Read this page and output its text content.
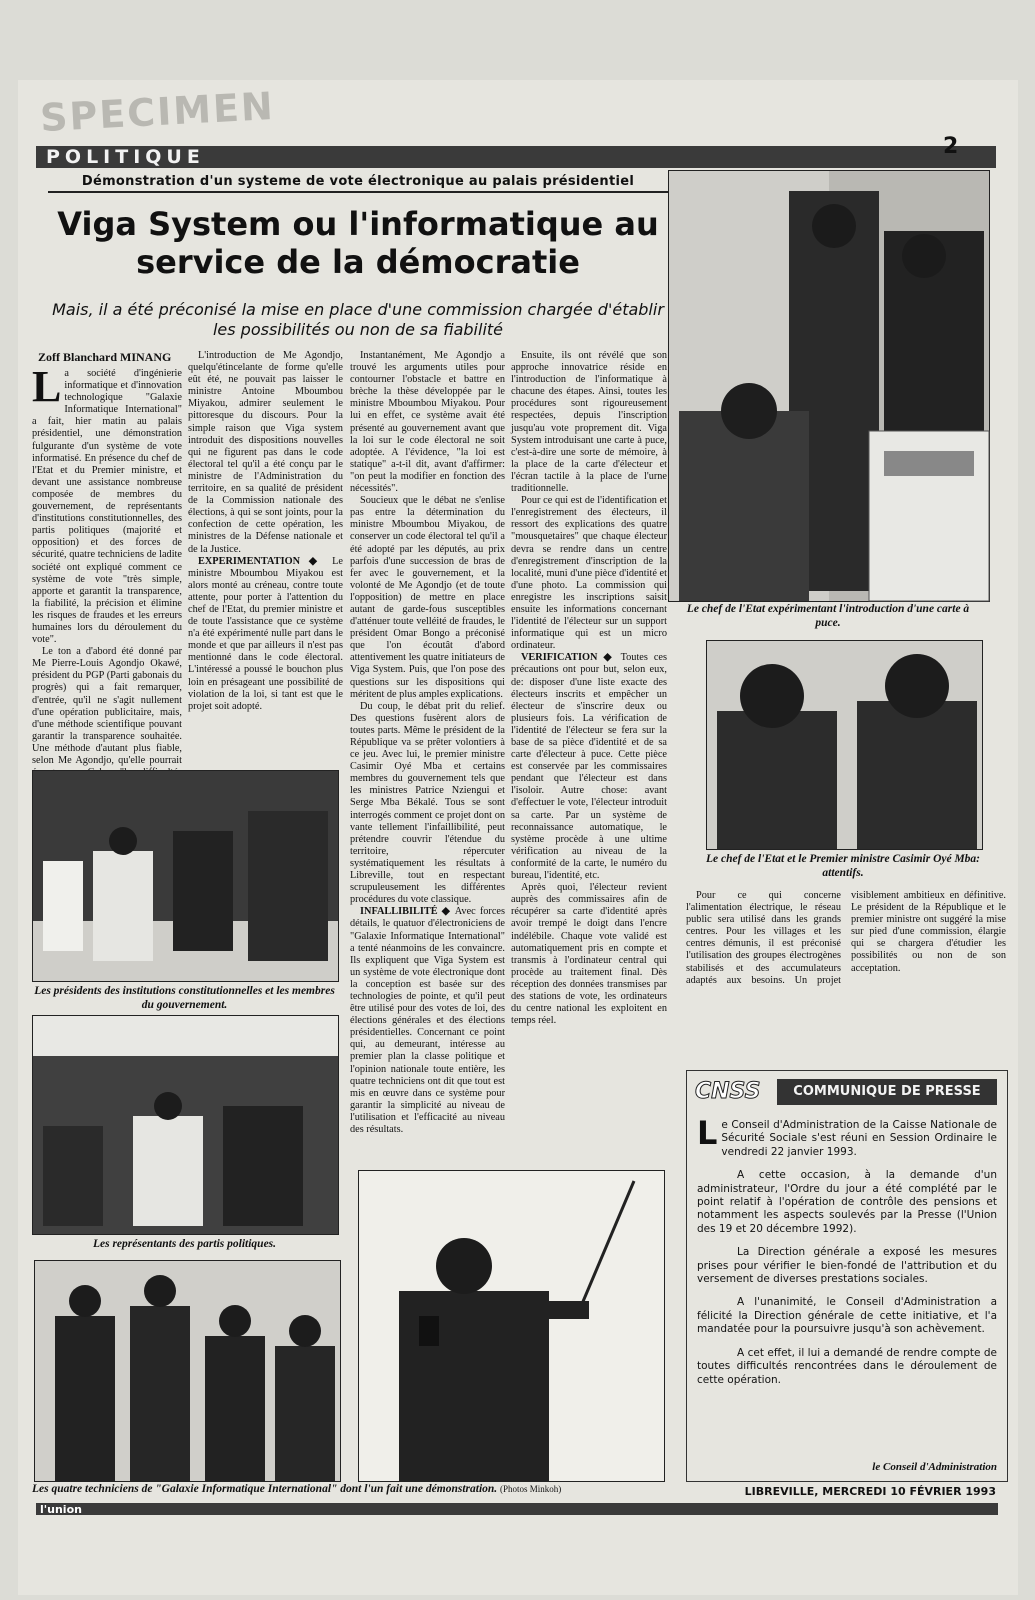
SPECIMEN
POLITIQUE	2
Démonstration d'un systeme de vote électronique au palais présidentiel
Viga System ou l'informatique au service de la démocratie
Mais, il a été préconisé la mise en place d'une commission chargée d'établir les possibilités ou non de sa fiabilité
Zoff Blanchard MINANG

La société d'ingénierie informatique et d'innovation technologique "Galaxie Informatique International" a fait, hier matin au palais présidentiel, une démonstration fulgurante d'un système de vote informatisé. En présence du chef de l'Etat et du Premier ministre, et devant une assistance nombreuse composée de membres du gouvernement, de représentants d'institutions constitutionnelles, des partis politiques (majorité et opposition) et des forces de sécurité, quatre techniciens de ladite société ont expliqué comment ce système de vote "très simple, apporte et garantit la transparence, la fiabilité, la précision et élimine les risques de fraudes et les erreurs humaines lors du déroulement du vote".

Le ton a d'abord été donné par Me Pierre-Louis Agondjo Okawé, président du PGP (Parti gabonais du progrès) qui a fait remarquer, d'entrée, qu'il ne s'agit nullement d'une opération publicitaire, mais, d'une méthode scientifique pouvant garantir la transparence souhaitée. Une méthode d'autant plus fiable, selon Me Agondjo, qu'elle pourrait

L'introduction de Me Agondjo, quelqu'étincelante de forme qu'elle eût été, ne pouvait pas laisser le ministre Antoine Mboumbou Miyakou, admirer seulement le pittoresque du discours. Pour la simple raison que Viga system introduit des dispositions nouvelles qui ne figurent pas dans le code électoral tel qu'il a été conçu par le ministre de l'Administration du territoire, en sa qualité de président de la Commission nationale des élections, à qui se sont joints, pour la confection de cette opération, les ministres de la Défense nationale et de la Justice.

EXPERIMENTATION ◆ Le ministre Mboumbou Miyakou est alors monté au créneau, contre toute attente, pour porter à l'attention du chef de l'Etat, du premier ministre et de toute l'assistance que ce système n'a été expérimenté nulle part dans le monde et que par ailleurs il n'est pas mentionné dans le code électoral. L'intéressé a poussé le bouchon plus loin en présageant une possibilité de violation de la loi, si tant est que le projet soit adopté.

Instantanément, Me Agondjo a trouvé les arguments utiles pour contourner l'obstacle et battre en brèche la thèse développée par le ministre Mboumbou Miyakou. Pour lui en effet, ce système avait été présenté au gouvernement avant que la loi sur le code électoral ne soit adoptée. A l'évidence, "la loi est statique" a-t-il dit, avant d'affirmer: "on peut la modifier en fonction des nécessités".

Soucieux que le débat ne s'enlise pas entre la détermination du ministre Mboumbou Miyakou, de conserver un code électoral tel qu'il a été adopté par les députés, au prix parfois d'une succession de bras de fer avec le gouvernement, et la volonté de Me Agondjo (et de toute l'opposition) de mettre en place autant de garde-fous susceptibles d'atténuer toute velléité de fraudes, le président Omar Bongo a préconisé que l'on écoutât d'abord attentivement les quatre initiateurs de Viga System. Puis, que l'on pose des questions sur les dispositions qui méritent de plus amples explications.

Du coup, le débat prit du relief. Des questions fusèrent alors de toutes parts. Même le président de la République va se prêter volontiers à ce jeu. Avec lui, le premier ministre Casimir Oyé Mba et certains membres du gouvernement tels que les ministres Patrice Nziengui et Serge Mba Békalé. Tous se sont interrogés comment ce projet dont on vante tellement l'infaillibilité, peut prétendre couvrir l'étendue du territoire, répercuter systématiquement les résultats à Libreville, tout en respectant scrupuleusement les différentes procédures du vote classique.

INFALLIBILITÉ ◆ Avec forces détails, le quatuor d'électroniciens de "Galaxie Informatique International" a tenté néanmoins de les convaincre. Ils expliquent que Viga System est un système de vote électronique dont la conception est basée sur des technologies de pointe, et qu'il peut être utilisé pour des votes de loi, des élections générales et des élections présidentielles. Concernant ce point qui, au demeurant, intéresse au premier plan la classe politique et l'opinion nationale toute entière, les quatre techniciens ont dit que tout est mis en œuvre dans ce système pour garantir la simplicité au niveau de l'utilisation et l'efficacité au niveau des résultats.

Ensuite, ils ont révélé que son approche innovatrice réside en l'introduction de l'informatique à chacune des étapes. Ainsi, toutes les procédures sont rigoureusement respectées, depuis l'inscription jusqu'au vote proprement dit. Viga System introduisant une carte à puce, c'est-à-dire une sorte de mémoire, à la place de la carte d'électeur et l'écran tactile à la place de l'urne traditionnelle.

Pour ce qui est de l'identification et l'enregistrement des électeurs, il ressort des explications des quatre "mousquetaires" que chaque électeur devra se rendre dans un centre d'enregistrement d'inscription de la localité, muni d'une pièce d'identité et d'une photo. La commission qui enregistre les inscriptions saisit ensuite les informations concernant l'identité de l'électeur sur un support informatique qui est un micro ordinateur.

VERIFICATION ◆ Toutes ces précautions ont pour but, selon eux, de: disposer d'une liste exacte des électeurs inscrits et empêcher un électeur de s'inscrire deux ou plusieurs fois. La vérification de l'identité de l'électeur se fera sur la base de sa pièce d'identité et de sa carte d'électeur à puce. Cette pièce est conservée par les commissaires pendant que l'électeur est dans l'isoloir. Autre chose: avant d'effectuer le vote, l'électeur introduit sa carte. Par un système de reconnaissance automatique, le système procède à une ultime vérification au niveau de la conformité de la carte, le numéro du bureau, l'identité, etc.

Après quoi, l'électeur revient auprès des commissaires afin de récupérer sa carte d'identité après avoir trempé le doigt dans l'encre indélébile. Chaque vote validé est automatiquement pris en compte et transmis à l'ordinateur central qui procède au traitement final. Dès réception des données transmises par des stations de vote, les ordinateurs du centre national les exploitent en temps réel.

Pour ce qui concerne l'alimentation électrique, le réseau public sera utilisé dans les grands centres. Pour les villages et les centres démunis, il est préconisé l'utilisation des groupes électrogènes stabilisés et des accumulateurs adaptés aux besoins. Un projet visiblement ambitieux en définitive. Le président de la République et le premier ministre ont suggéré la mise sur pied d'une commission, élargie qui se chargera d'étudier les possibilités ou non de son acceptation.

Le chef de l'Etat expérimentant l'introduction d'une carte à puce.
Le chef de l'Etat et le Premier ministre Casimir Oyé Mba: attentifs.
Les présidents des institutions constitutionnelles et les membres du gouvernement.
Les représentants des partis politiques.
Les quatre techniciens de "Galaxie Informatique International" dont l'un fait une démonstration. (Photos Minkoh)
CNSS	COMMUNIQUE DE PRESSE

Le Conseil d'Administration de la Caisse Nationale de Sécurité Sociale s'est réuni en Session Ordinaire le vendredi 22 janvier 1993.

A cette occasion, à la demande d'un administrateur, l'Ordre du jour a été complété par le point relatif à l'opération de contrôle des pensions et notamment les aspects soulevés par la Presse (l'Union des 19 et 20 décembre 1992).

La Direction générale a exposé les mesures prises pour vérifier le bien-fondé de l'attribution et du versement de diverses prestations sociales.

A l'unanimité, le Conseil d'Administration a félicité la Direction générale de cette initiative, et l'a mandatée pour la poursuivre jusqu'à son achèvement.

A cet effet, il lui a demandé de rendre compte de toutes difficultés rencontrées dans le déroulement de cette opération.

le Conseil d'Administration
LIBREVILLE, MERCREDI 10 FÉVRIER 1993
l'union
